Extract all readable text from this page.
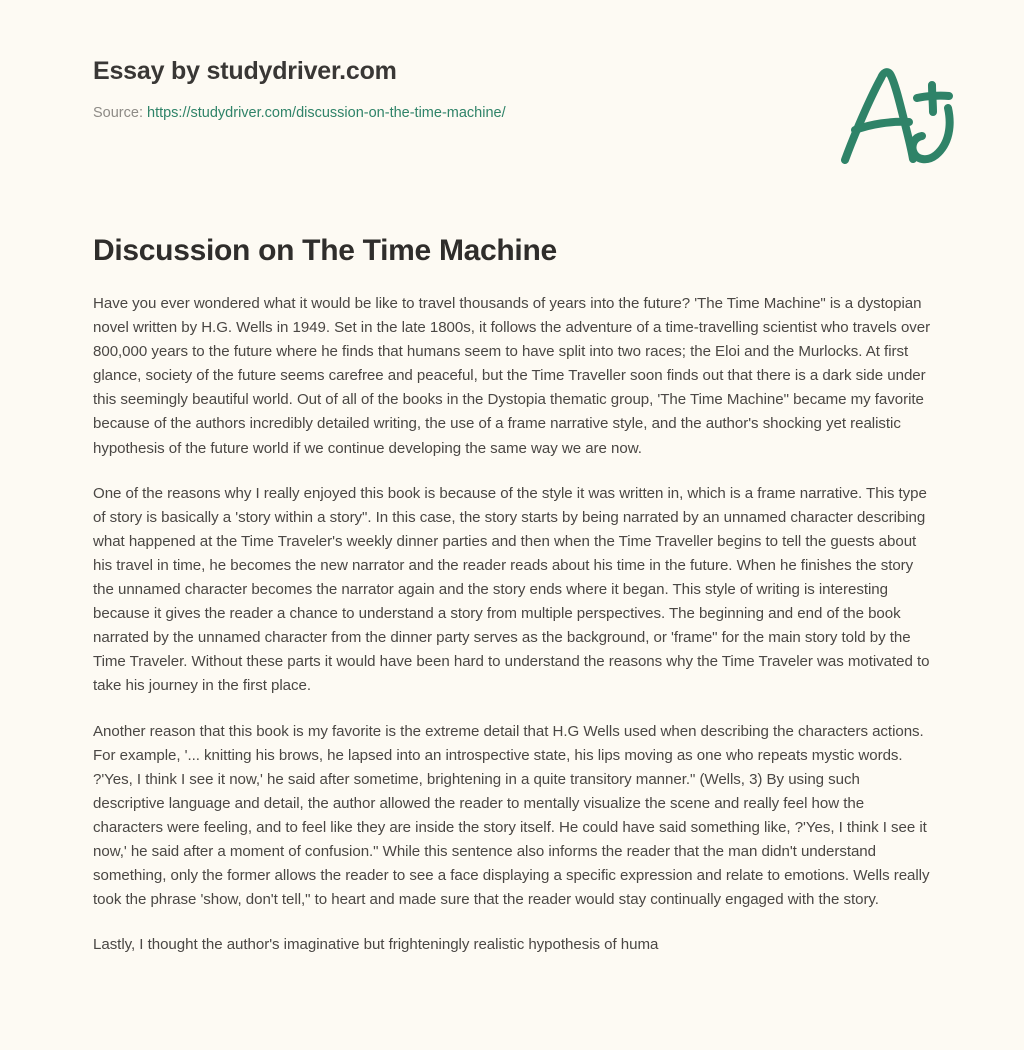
Essay by studydriver.com
Source: https://studydriver.com/discussion-on-the-time-machine/
Discussion on The Time Machine

Have you ever wondered what it would be like to travel thousands of years into the future? 'The Time Machine" is a dystopian novel written by H.G. Wells in 1949. Set in the late 1800s, it follows the adventure of a time-travelling scientist who travels over 800,000 years to the future where he finds that humans seem to have split into two races; the Eloi and the Murlocks. At first glance, society of the future seems carefree and peaceful, but the Time Traveller soon finds out that there is a dark side under this seemingly beautiful world. Out of all of the books in the Dystopia thematic group, 'The Time Machine" became my favorite because of the authors incredibly detailed writing, the use of a frame narrative style, and the author's shocking yet realistic hypothesis of the future world if we continue developing the same way we are now.

One of the reasons why I really enjoyed this book is because of the style it was written in, which is a frame narrative. This type of story is basically a 'story within a story". In this case, the story starts by being narrated by an unnamed character describing what happened at the Time Traveler's weekly dinner parties and then when the Time Traveller begins to tell the guests about his travel in time, he becomes the new narrator and the reader reads about his time in the future. When he finishes the story the unnamed character becomes the narrator again and the story ends where it began. This style of writing is interesting because it gives the reader a chance to understand a story from multiple perspectives. The beginning and end of the book narrated by the unnamed character from the dinner party serves as the background, or 'frame" for the main story told by the Time Traveler. Without these parts it would have been hard to understand the reasons why the Time Traveler was motivated to take his journey in the first place.

Another reason that this book is my favorite is the extreme detail that H.G Wells used when describing the characters actions. For example, '... knitting his brows, he lapsed into an introspective state, his lips moving as one who repeats mystic words. ?'Yes, I think I see it now,' he said after sometime, brightening in a quite transitory manner." (Wells, 3) By using such descriptive language and detail, the author allowed the reader to mentally visualize the scene and really feel how the characters were feeling, and to feel like they are inside the story itself. He could have said something like, ?'Yes, I think I see it now,' he said after a moment of confusion." While this sentence also informs the reader that the man didn't understand something, only the former allows the reader to see a face displaying a specific expression and relate to emotions. Wells really took the phrase 'show, don't tell," to heart and made sure that the reader would stay continually engaged with the story.

Lastly, I thought the author's imaginative but frighteningly realistic hypothesis of huma
